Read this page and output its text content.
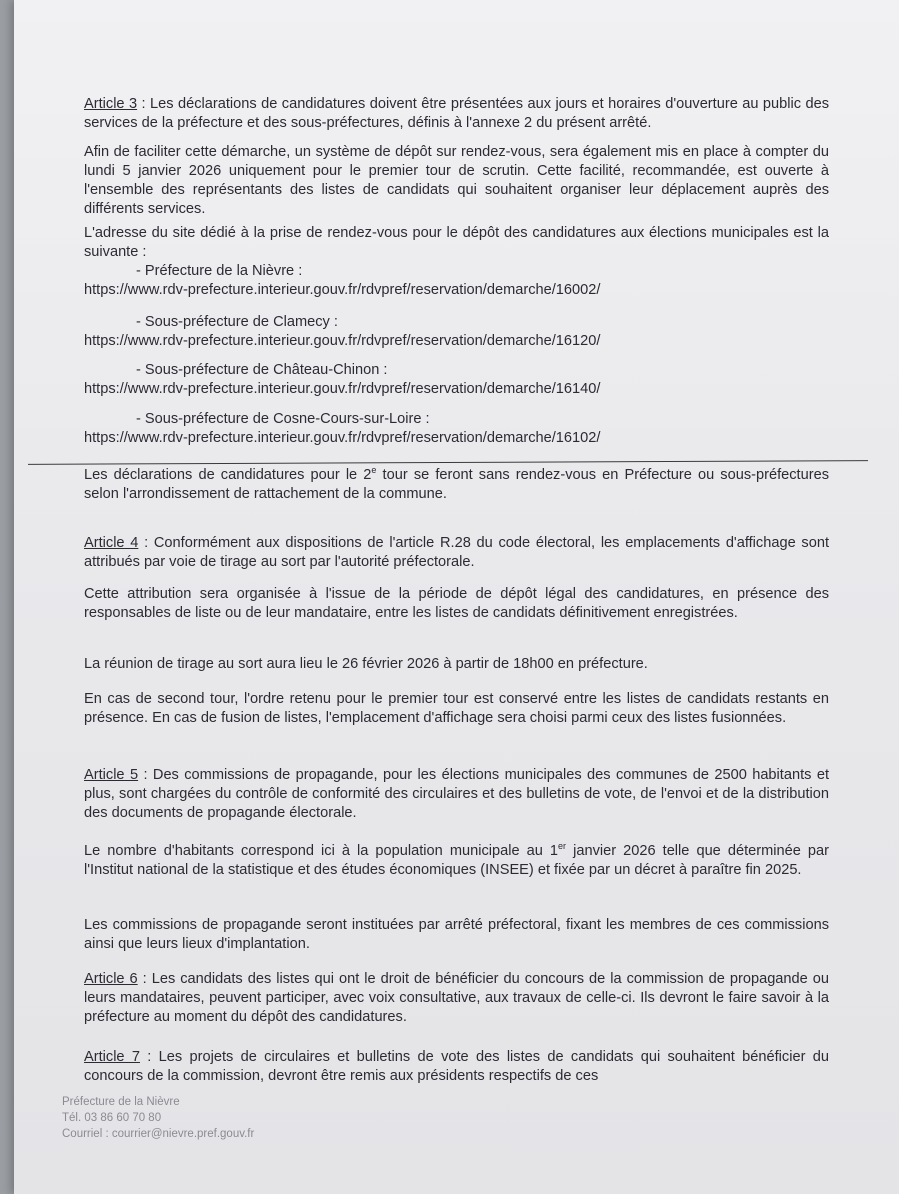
Article 3 : Les déclarations de candidatures doivent être présentées aux jours et horaires d'ouverture au public des services de la préfecture et des sous-préfectures, définis à l'annexe 2 du présent arrêté.

Afin de faciliter cette démarche, un système de dépôt sur rendez-vous, sera également mis en place à compter du lundi 5 janvier 2026 uniquement pour le premier tour de scrutin. Cette facilité, recommandée, est ouverte à l'ensemble des représentants des listes de candidats qui souhaitent organiser leur déplacement auprès des différents services.

L'adresse du site dédié à la prise de rendez-vous pour le dépôt des candidatures aux élections municipales est la suivante :

- Préfecture de la Nièvre :

https://www.rdv-prefecture.interieur.gouv.fr/rdvpref/reservation/demarche/16002/

- Sous-préfecture de Clamecy :

https://www.rdv-prefecture.interieur.gouv.fr/rdvpref/reservation/demarche/16120/

- Sous-préfecture de Château-Chinon :

https://www.rdv-prefecture.interieur.gouv.fr/rdvpref/reservation/demarche/16140/

- Sous-préfecture de Cosne-Cours-sur-Loire :

https://www.rdv-prefecture.interieur.gouv.fr/rdvpref/reservation/demarche/16102/

Les déclarations de candidatures pour le 2e tour se feront sans rendez-vous en Préfecture ou sous-préfectures selon l'arrondissement de rattachement de la commune.

Article 4 : Conformément aux dispositions de l'article R.28 du code électoral, les emplacements d'affichage sont attribués par voie de tirage au sort par l'autorité préfectorale.

Cette attribution sera organisée à l'issue de la période de dépôt légal des candidatures, en présence des responsables de liste ou de leur mandataire, entre les listes de candidats définitivement enregistrées.

La réunion de tirage au sort aura lieu le 26 février 2026 à partir de 18h00 en préfecture.

En cas de second tour, l'ordre retenu pour le premier tour est conservé entre les listes de candidats restants en présence. En cas de fusion de listes, l'emplacement d'affichage sera choisi parmi ceux des listes fusionnées.

Article 5 : Des commissions de propagande, pour les élections municipales des communes de 2500 habitants et plus, sont chargées du contrôle de conformité des circulaires et des bulletins de vote, de l'envoi et de la distribution des documents de propagande électorale.

Le nombre d'habitants correspond ici à la population municipale au 1er janvier 2026 telle que déterminée par l'Institut national de la statistique et des études économiques (INSEE) et fixée par un décret à paraître fin 2025.

Les commissions de propagande seront instituées par arrêté préfectoral, fixant les membres de ces commissions ainsi que leurs lieux d'implantation.

Article 6 : Les candidats des listes qui ont le droit de bénéficier du concours de la commission de propagande ou leurs mandataires, peuvent participer, avec voix consultative, aux travaux de celle-ci. Ils devront le faire savoir à la préfecture au moment du dépôt des candidatures.

Article 7 : Les projets de circulaires et bulletins de vote des listes de candidats qui souhaitent bénéficier du concours de la commission, devront être remis aux présidents respectifs de ces

Préfecture de la Nièvre
Tél. 03 86 60 70 80
Courriel : courrier@nievre.pref.gouv.fr
